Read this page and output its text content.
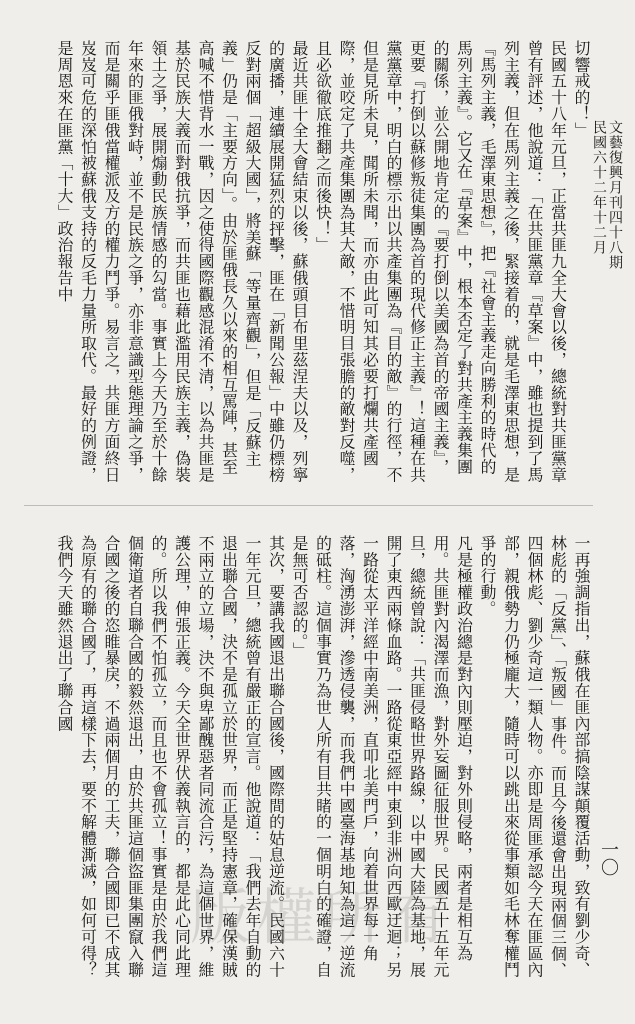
文藝復興月刊四十八期
民國六十二年十二月

切響戒的！」

民國五十八年元旦，正當共匪九全大會以後，總統對共匪黨章曾有評述，他說道：「在共匪黨章『草案』中，雖也提到了馬列主義，但在馬列主義之後，緊接着的，就是毛澤東思想，是『馬列主義，毛澤東思想』，把『社會主義走向勝利的時代的馬列主義』。它又在『草案』中，根本否定了對共產主義集團的關係，並公開地肯定的『要打倒以美國為首的帝國主義』，更要『打倒以蘇修叛徒集團為首的現代修正主義』！這種在共黨黨章中，明白的標示出以共產集團為『目的敵』的行徑，不但是見所未見，聞所未聞，而亦由此可知其必要打爛共產國際，並咬定了共產集團為其大敵，不惜明目張膽的敵對反噬，且必欲徹底推翻之而後快！」

最近共匪十全大會結束以後，蘇俄頭目布里茲涅夫以及，列寧的廣播，連續展開猛烈的抨擊，匪在「新聞公報」中雖仍標榜反對兩個「超級大國」，將美蘇「等量齊觀」，但是「反蘇主義」仍是「主要方向」。由於匪俄長久以來的相互罵陣，甚至高喊不惜背水一戰，因之使得國際觀感混淆不清，以為共匪是基於民族大義而對俄抗爭，而共匪也藉此濫用民族主義，偽裝領土之爭，展開煽動民族情感的勾當。事實上今天乃至於十餘年來的匪俄對峙，並不是民族之爭，亦非意識型態理論之爭，而是關乎匪俄當權派及方的權力鬥爭。易言之，共匪方面終日岌岌可危的深怕被蘇俄支持的反毛力量所取代。最好的例證，是周恩來在匪黨「十大」政治報告中

一再強調指出，蘇俄在匪內部搞陰謀顛覆活動，致有劉少奇、林彪的「反黨」、「叛國」事件。而且今後還會出現兩個三個、四個林彪、劉少奇這一類人物。亦即是周匪承認今天在匪區內部，親俄勢力仍極龐大，隨時可以跳出來從事類如毛林奪權鬥爭的行動。

凡是極權政治總是對內則壓迫，對外則侵略，兩者是相互為用。共匪對內渴澤而漁，對外妄圖征服世界。民國五十五年元旦，總統曾說：「共匪侵略世界路線，以中國大陸為基地，展開了東西兩條血路。一路從東亞經中東到非洲向西歐迂迴；另一路從太平洋經中南美洲，直叩北美門戶，向着世界每一角落，洶湧澎湃，滲透侵襲，而我們中國臺海基地知為這一逆流的砥柱。這個事實乃為世人所有目共睹的一個明白的確證，自是無可否認的。」

其次，要講我國退出聯合國後，國際間的姑息逆流。民國六十一年元旦，總統曾有嚴正的宣言。他說道：「我們去年自動的退出聯合國，決不是孤立於世界，而正是堅持憲章，確保漢賊不兩立的立場，決不與卑鄙醜惡者同流合污，為這個世界，維護公理，伸張正義。今天全世界伏義執言的，都是此心同此理的。所以我們不怕孤立，而且也不會孤立！事實是由於我們這個衛道者自聯合國的毅然退出，由於共匪這個盜匪集團竄入聯合國之後的恣睢暴戾，不過兩個月的工夫，聯合國即已不成其為原有的聯合國了，再這樣下去，要不解體澌滅，如何可得？我們今天雖然退出了聯合國

一〇
版權所有
